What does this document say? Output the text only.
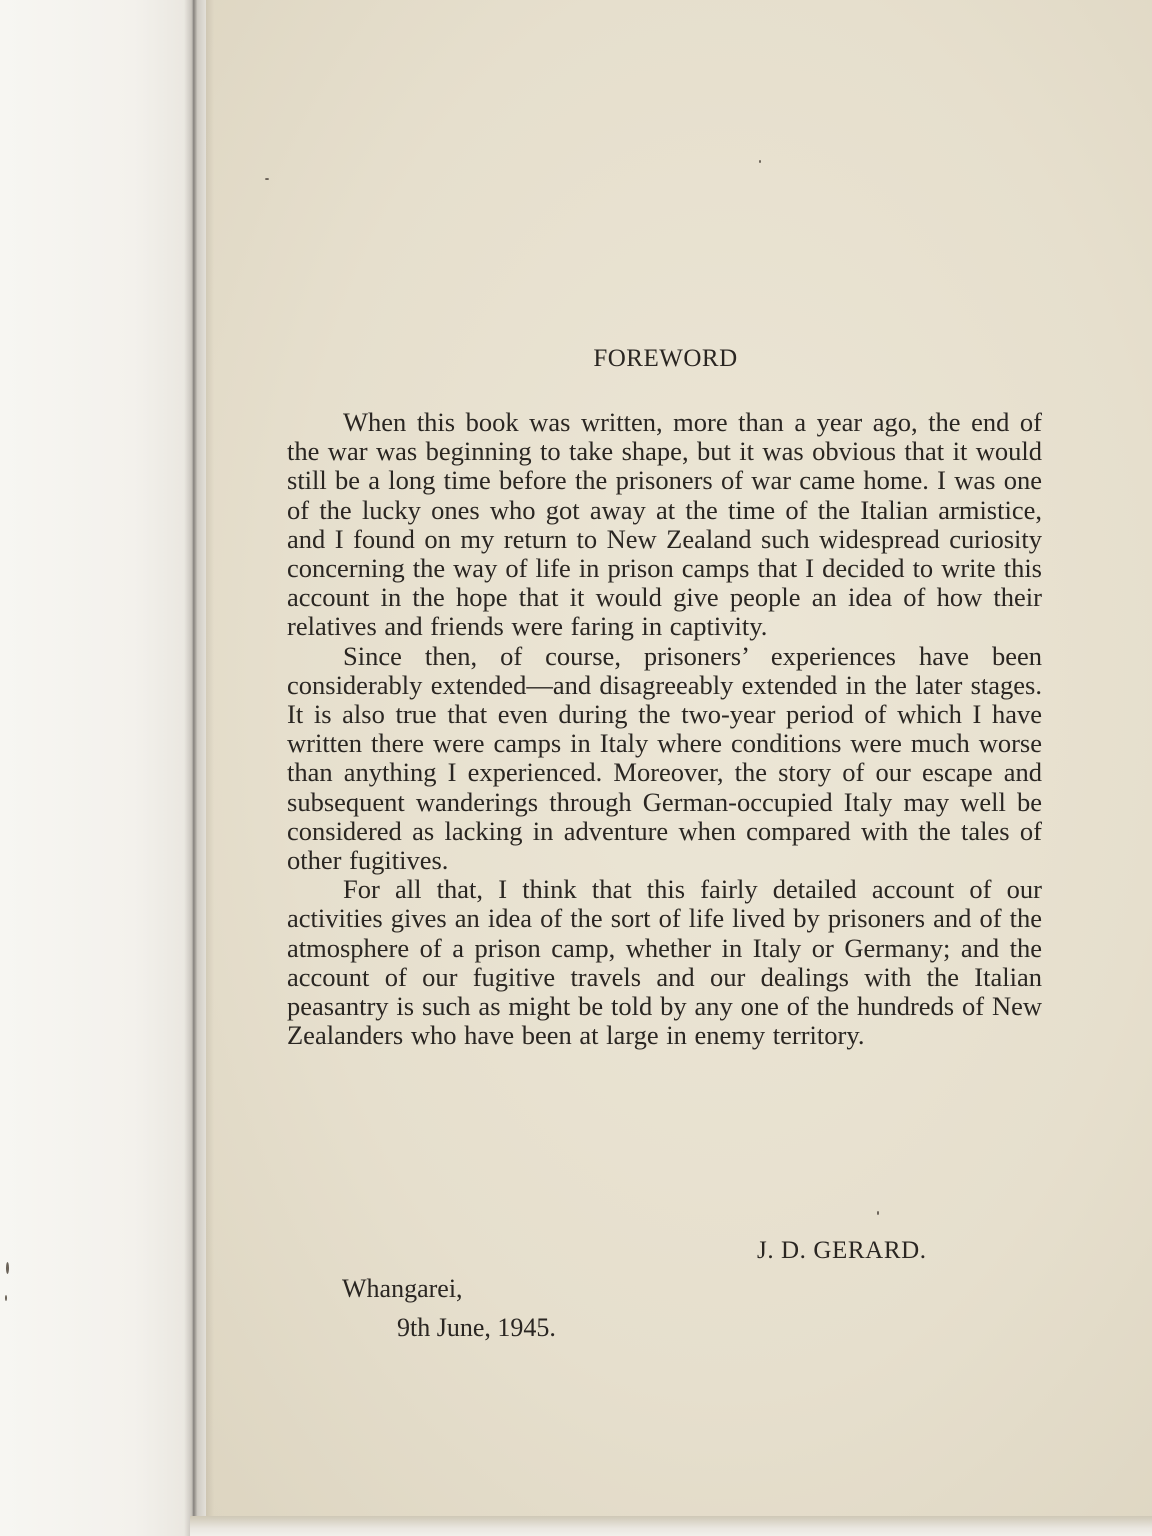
FOREWORD

When this book was written, more than a year ago, the end of the war was beginning to take shape, but it was obvious that it would still be a long time before the prisoners of war came home. I was one of the lucky ones who got away at the time of the Italian armistice, and I found on my return to New Zealand such widespread curiosity concerning the way of life in prison camps that I decided to write this account in the hope that it would give people an idea of how their relatives and friends were faring in captivity.

Since then, of course, prisoners’ experiences have been considerably extended—and disagreeably extended in the later stages. It is also true that even during the two-year period of which I have written there were camps in Italy where conditions were much worse than anything I experienced. Moreover, the story of our escape and subsequent wanderings through German-occupied Italy may well be considered as lacking in adventure when compared with the tales of other fugitives.

For all that, I think that this fairly detailed account of our activities gives an idea of the sort of life lived by prisoners and of the atmosphere of a prison camp, whether in Italy or Germany; and the account of our fugitive travels and our dealings with the Italian peasantry is such as might be told by any one of the hundreds of New Zealanders who have been at large in enemy territory.

J. D. GERARD.
Whangarei,
9th June, 1945.
